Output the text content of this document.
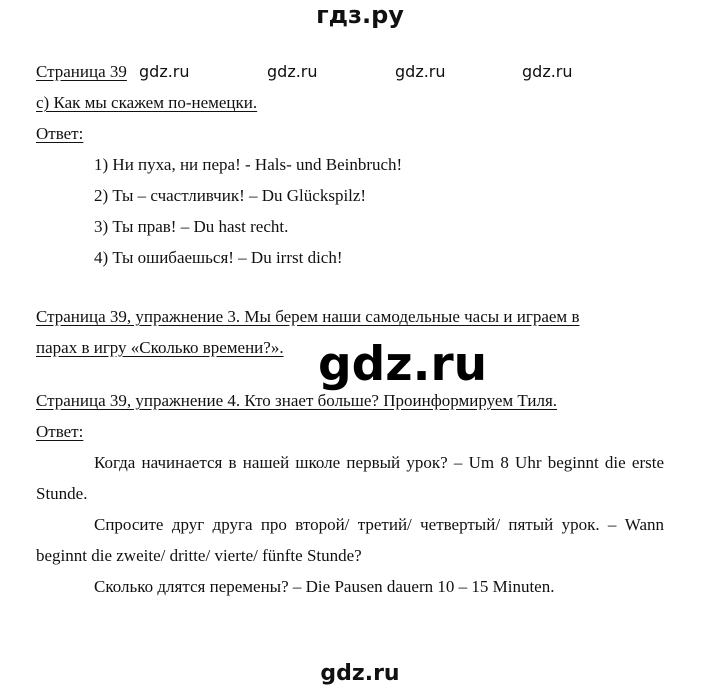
гдз.ру
Страница 39 gdz.ru	gdz.ru	gdz.ru	gdz.ru
с) Как мы скажем по-немецки.
Ответ:
1) Ни пуха, ни пера! - Hals- und Beinbruch!
2) Ты – счастливчик! – Du Glückspilz!
3) Ты прав! – Du hast recht.
4) Ты ошибаешься! – Du irrst dich!
Страница 39, упражнение 3. Мы берем наши самодельные часы и играем в
парах в игру «Сколько времени?».
Страница 39, упражнение 4. Кто знает больше? Проинформируем Тиля.
Ответ:
Когда начинается в нашей школе первый урок? – Um 8 Uhr beginnt die erste Stunde.
Спросите друг друга про второй/ третий/ четвертый/ пятый урок. – Wann beginnt die zweite/ dritte/ vierte/ fünfte Stunde?
Сколько длятся перемены? – Die Pausen dauern 10 – 15 Minuten.
gdz.ru
gdz.ru
